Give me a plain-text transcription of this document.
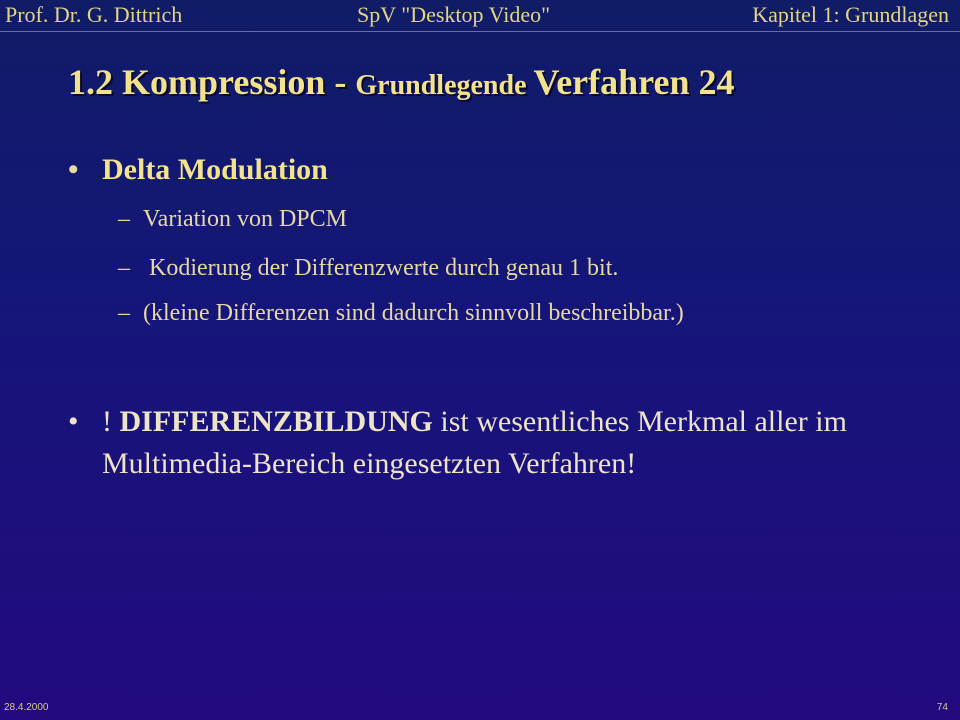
Prof. Dr. G. Dittrich	SpV "Desktop Video"	Kapitel 1: Grundlagen
1.2 Kompression - Grundlegende Verfahren 24
• Delta Modulation
– Variation von DPCM
– Kodierung der Differenzwerte durch genau 1 bit.
– (kleine Differenzen sind dadurch sinnvoll beschreibbar.)
• ! DIFFERENZBILDUNG ist wesentliches Merkmal aller im Multimedia-Bereich eingesetzten Verfahren!
28.4.2000	74
